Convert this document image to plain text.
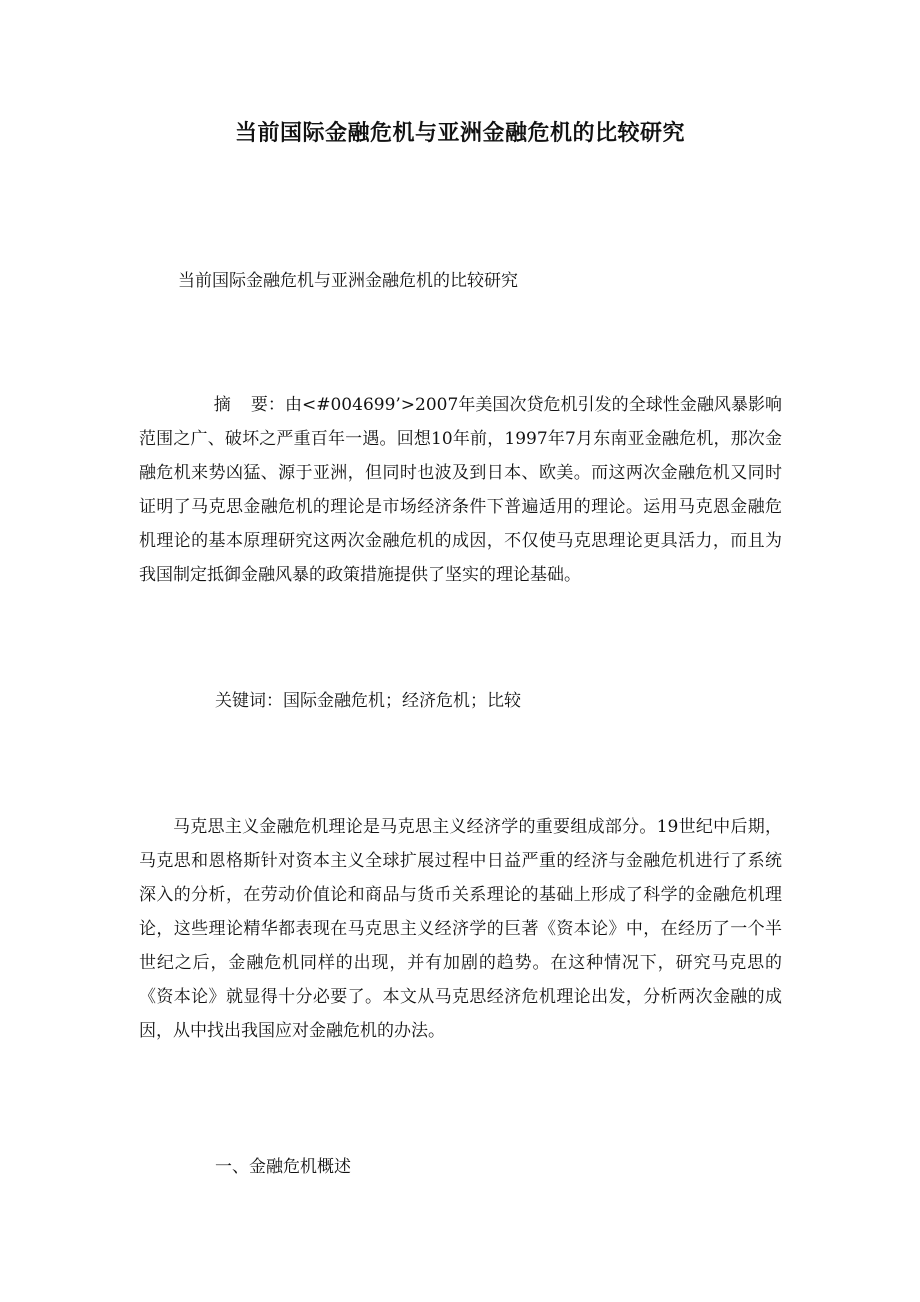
当前国际金融危机与亚洲金融危机的比较研究

当前国际金融危机与亚洲金融危机的比较研究

摘 要：由<#004699’>2007年美国次贷危机引发的全球性金融风暴影响范围之广、破坏之严重百年一遇。回想10年前，1997年7月东南亚金融危机，那次金融危机来势凶猛、源于亚洲，但同时也波及到日本、欧美。而这两次金融危机又同时证明了马克思金融危机的理论是市场经济条件下普遍适用的理论。运用马克恩金融危机理论的基本原理研究这两次金融危机的成因，不仅使马克思理论更具活力，而且为我国制定抵御金融风暴的政策措施提供了坚实的理论基础。

关键词：国际金融危机；经济危机；比较

马克思主义金融危机理论是马克思主义经济学的重要组成部分。19世纪中后期，马克思和恩格斯针对资本主义全球扩展过程中日益严重的经济与金融危机进行了系统深入的分析，在劳动价值论和商品与货币关系理论的基础上形成了科学的金融危机理论，这些理论精华都表现在马克思主义经济学的巨著《资本论》中，在经历了一个半世纪之后，金融危机同样的出现，并有加剧的趋势。在这种情况下，研究马克思的《资本论》就显得十分必要了。本文从马克思经济危机理论出发，分析两次金融的成因，从中找出我国应对金融危机的办法。

一、金融危机概述
